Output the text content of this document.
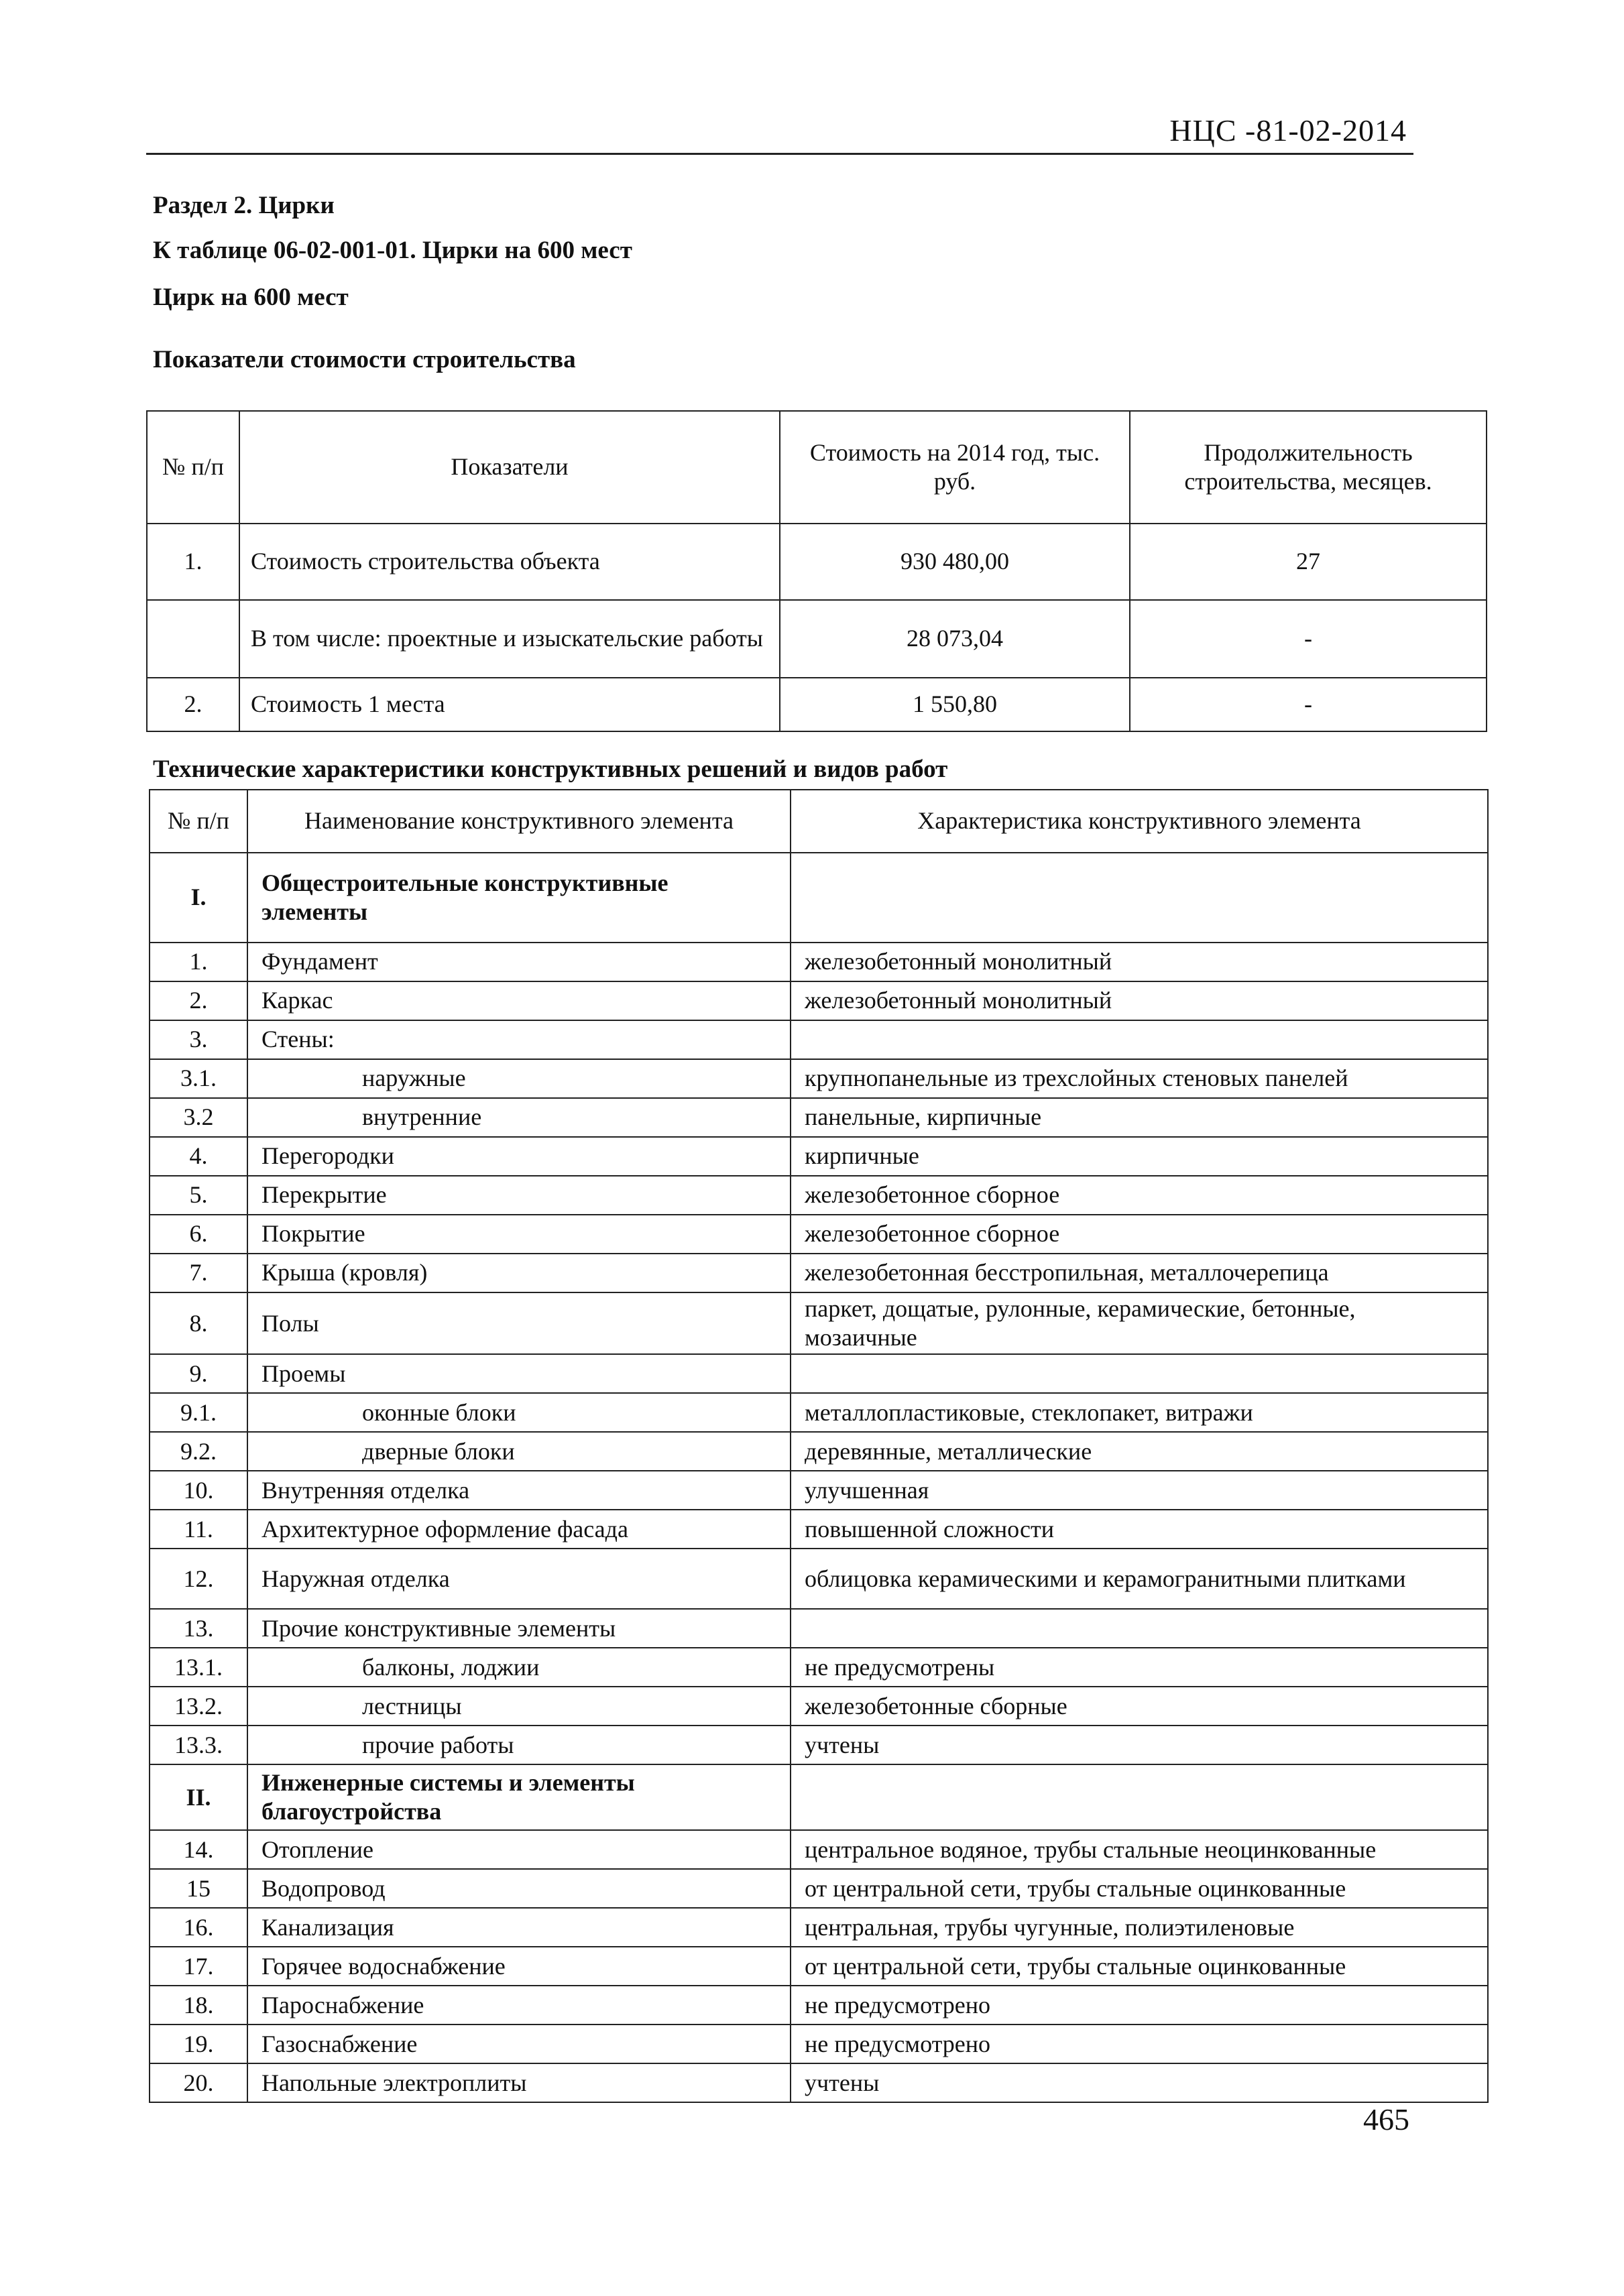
НЦС -81-02-2014
Раздел 2. Цирки
К таблице 06-02-001-01. Цирки на 600 мест
Цирк на 600 мест
Показатели стоимости строительства
№ п/п	Показатели	Стоимость на 2014 год, тыс. руб.	Продолжительность строительства, месяцев.
1.	Стоимость строительства объекта	930 480,00	27
	В том числе: проектные и изыскательские работы	28 073,04	-
2.	Стоимость 1 места	1 550,80	-
Технические характеристики конструктивных решений и видов работ
№ п/п	Наименование конструктивного элемента	Характеристика конструктивного элемента
I.	Общестроительные конструктивные элементы	
1.	Фундамент	железобетонный монолитный
2.	Каркас	железобетонный монолитный
3.	Стены:	
3.1.	наружные	крупнопанельные из трехслойных стеновых панелей
3.2	внутренние	панельные, кирпичные
4.	Перегородки	кирпичные
5.	Перекрытие	железобетонное сборное
6.	Покрытие	железобетонное сборное
7.	Крыша (кровля)	железобетонная бесстропильная, металлочерепица
8.	Полы	паркет, дощатые, рулонные, керамические, бетонные, мозаичные
9.	Проемы	
9.1.	оконные блоки	металлопластиковые, стеклопакет, витражи
9.2.	дверные блоки	деревянные, металлические
10.	Внутренняя отделка	улучшенная
11.	Архитектурное оформление фасада	повышенной сложности
12.	Наружная отделка	облицовка керамическими и керамогранитными плитками
13.	Прочие конструктивные элементы	
13.1.	балконы, лоджии	не предусмотрены
13.2.	лестницы	железобетонные сборные
13.3.	прочие работы	учтены
II.	Инженерные системы и элементы благоустройства	
14.	Отопление	центральное водяное, трубы стальные неоцинкованные
15	Водопровод	от центральной сети, трубы стальные оцинкованные
16.	Канализация	центральная, трубы чугунные, полиэтиленовые
17.	Горячее водоснабжение	от центральной сети, трубы стальные оцинкованные
18.	Пароснабжение	не предусмотрено
19.	Газоснабжение	не предусмотрено
20.	Напольные электроплиты	учтены
465
